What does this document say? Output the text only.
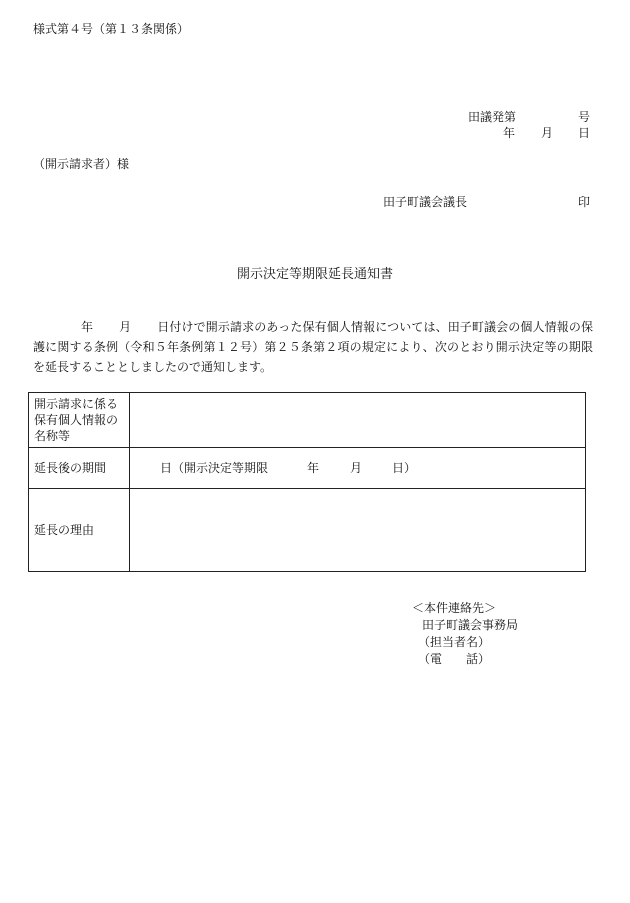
様式第４号（第１３条関係）
田議発第	号
年 月 日
（開示請求者）様
田子町議会議長	印
開示決定等期限延長通知書
年 月 日付けで開示請求のあった保有個人情報については、田子町議会の個人情報の保護に関する条例（令和５年条例第１２号）第２５条第２項の規定により、次のとおり開示決定等の期限を延長することとしましたので通知します。
開示請求に係る保有個人情報の名称等	
延長後の期間	日（開示決定等期限 年 月 日）

延長の理由	
＜本件連絡先＞
田子町議会事務局
（担当者名）
（電　　話）
